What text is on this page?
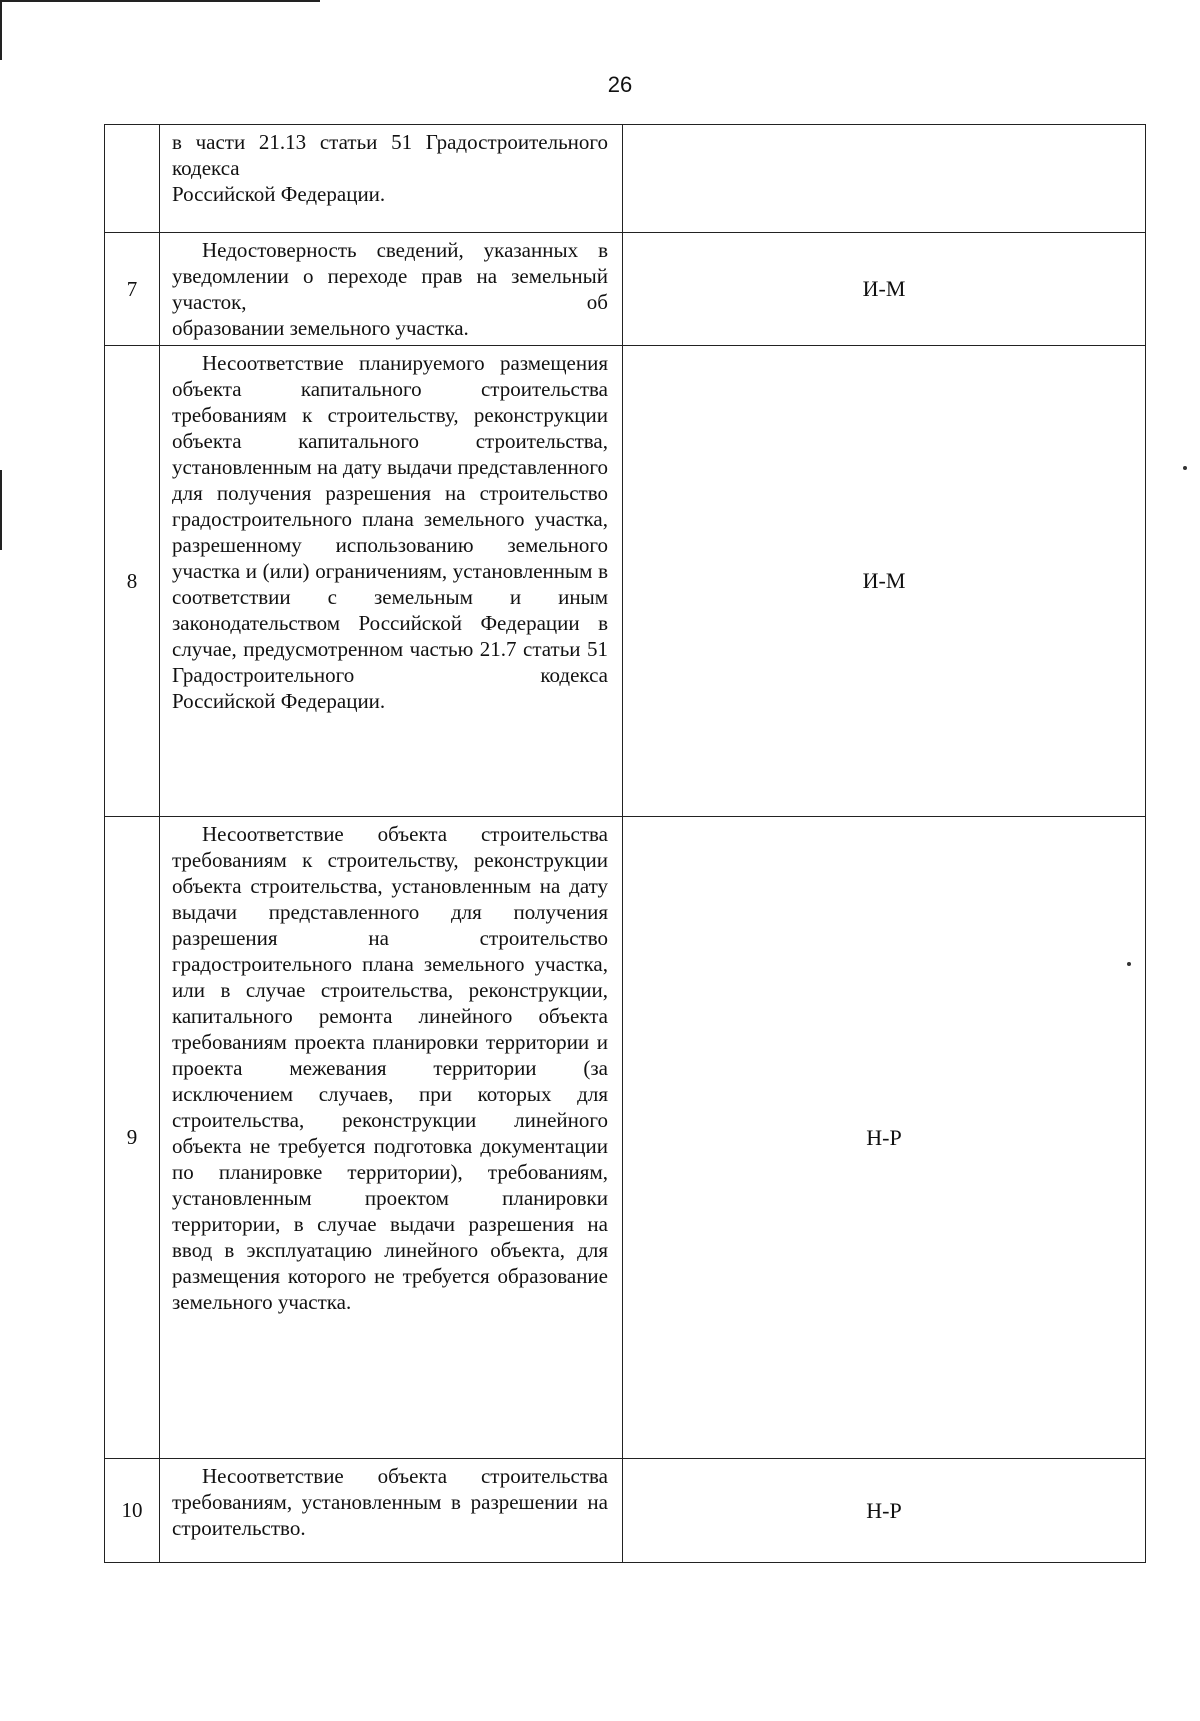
26

	в части 21.13 статьи 51 Градостроительного кодекса
Российской Федерации.	

7	Недостоверность сведений, указанных в уведомлении о переходе прав на земельный участок, об
образовании земельного участка.	И-М
8	Несоответствие планируемого размещения объекта капитального строительства требованиям к строительству, реконструкции объекта капитального строительства, установленным на дату выдачи представленного для получения разрешения на строительство градостроительного плана земельного участка, разрешенному использованию земельного участка и (или) ограничениям, установленным в соответствии с земельным и иным законодательством Российской Федерации в случае, предусмотренном частью 21.7 статьи 51 Градостроительного кодекса
Российской Федерации.	И-М
9	Несоответствие объекта строительства требованиям к строительству, реконструкции объекта строительства, установленным на дату выдачи представленного для получения разрешения на строительство градостроительного плана земельного участка, или в случае строительства, реконструкции, капитального ремонта линейного объекта требованиям проекта планировки территории и проекта межевания территории (за исключением случаев, при которых для строительства, реконструкции линейного объекта не требуется подготовка документации по планировке территории), требованиям, установленным проектом планировки территории, в случае выдачи разрешения на ввод в эксплуатацию линейного объекта, для размещения которого не требуется образование
земельного участка.	Н-Р
10	Несоответствие объекта строительства требованиям, установленным в разрешении на
строительство.	Н-Р
